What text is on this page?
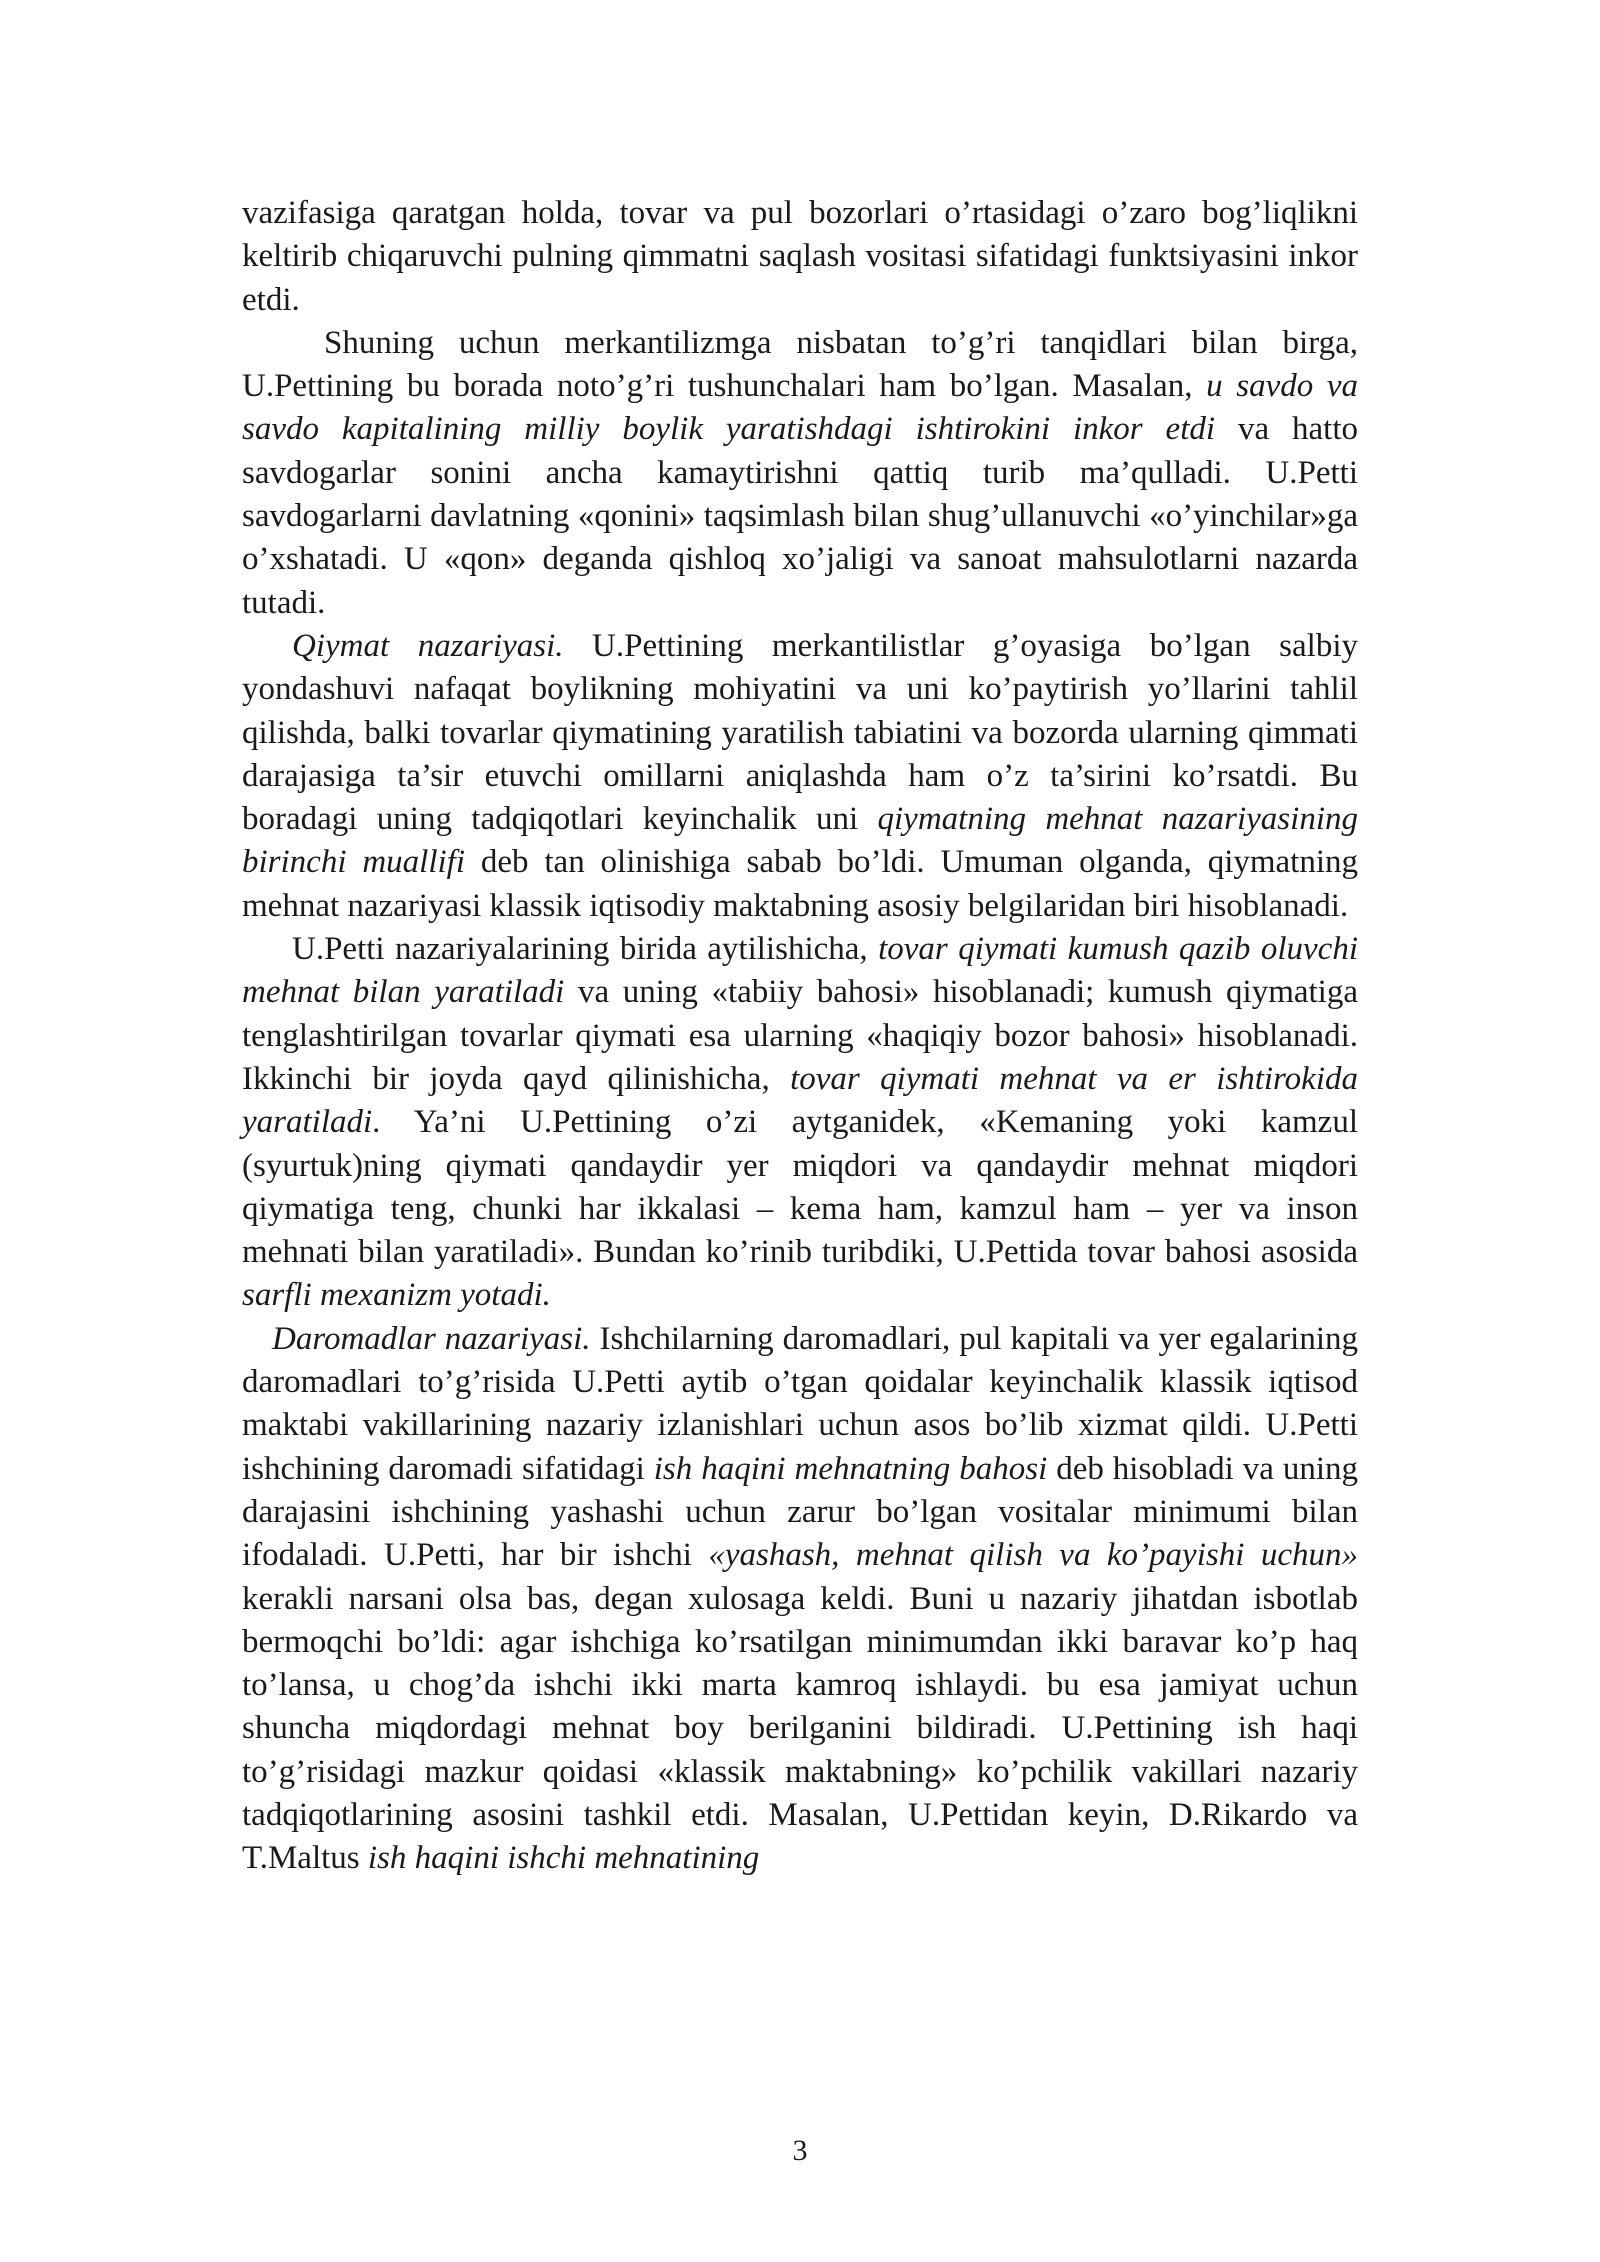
vazifasiga qaratgan holda, tovar va pul bozorlari o’rtasidagi o’zaro bog’liqlikni keltirib chiqaruvchi pulning qimmatni saqlash vositasi sifatidagi funktsiyasini inkor etdi.

Shuning uchun merkantilizmga nisbatan to’g’ri tanqidlari bilan birga, U.Pettining bu borada noto’g’ri tushunchalari ham bo’lgan. Masalan, u savdo va savdo kapitalining milliy boylik yaratishdagi ishtirokini inkor etdi va hatto savdogarlar sonini ancha kamaytirishni qattiq turib ma’qulladi. U.Petti savdogarlarni davlatning «qonini» taqsimlash bilan shug’ullanuvchi «o’yinchilar»ga o’xshatadi. U «qon» deganda qishloq xo’jaligi va sanoat mahsulotlarni nazarda tutadi.

Qiymat nazariyasi. U.Pettining merkantilistlar g’oyasiga bo’lgan salbiy yondashuvi nafaqat boylikning mohiyatini va uni ko’paytirish yo’llarini tahlil qilishda, balki tovarlar qiymatining yaratilish tabiatini va bozorda ularning qimmati darajasiga ta’sir etuvchi omillarni aniqlashda ham o’z ta’sirini ko’rsatdi. Bu boradagi uning tadqiqotlari keyinchalik uni qiymatning mehnat nazariyasining birinchi muallifi deb tan olinishiga sabab bo’ldi. Umuman olganda, qiymatning mehnat nazariyasi klassik iqtisodiy maktabning asosiy belgilaridan biri hisoblanadi.

U.Petti nazariyalarining birida aytilishicha, tovar qiymati kumush qazib oluvchi mehnat bilan yaratiladi va uning «tabiiy bahosi» hisoblanadi; kumush qiymatiga tenglashtirilgan tovarlar qiymati esa ularning «haqiqiy bozor bahosi» hisoblanadi. Ikkinchi bir joyda qayd qilinishicha, tovar qiymati mehnat va er ishtirokida yaratiladi. Ya’ni U.Pettining o’zi aytganidek, «Kemaning yoki kamzul (syurtuk)ning qiymati qandaydir yer miqdori va qandaydir mehnat miqdori qiymatiga teng, chunki har ikkalasi – kema ham, kamzul ham – yer va inson mehnati bilan yaratiladi». Bundan ko’rinib turibdiki, U.Pettida tovar bahosi asosida sarfli mexanizm yotadi.

Daromadlar nazariyasi. Ishchilarning daromadlari, pul kapitali va yer egalarining daromadlari to’g’risida U.Petti aytib o’tgan qoidalar keyinchalik klassik iqtisod maktabi vakillarining nazariy izlanishlari uchun asos bo’lib xizmat qildi. U.Petti ishchining daromadi sifatidagi ish haqini mehnatning bahosi deb hisobladi va uning darajasini ishchining yashashi uchun zarur bo’lgan vositalar minimumi bilan ifodaladi. U.Petti, har bir ishchi «yashash, mehnat qilish va ko’payishi uchun» kerakli narsani olsa bas, degan xulosaga keldi. Buni u nazariy jihatdan isbotlab bermoqchi bo’ldi: agar ishchiga ko’rsatilgan minimumdan ikki baravar ko’p haq to’lansa, u chog’da ishchi ikki marta kamroq ishlaydi. bu esa jamiyat uchun shuncha miqdordagi mehnat boy berilganini bildiradi. U.Pettining ish haqi to’g’risidagi mazkur qoidasi «klassik maktabning» ko’pchilik vakillari nazariy tadqiqotlarining asosini tashkil etdi. Masalan, U.Pettidan keyin, D.Rikardo va T.Maltus ish haqini ishchi mehnatining

3
